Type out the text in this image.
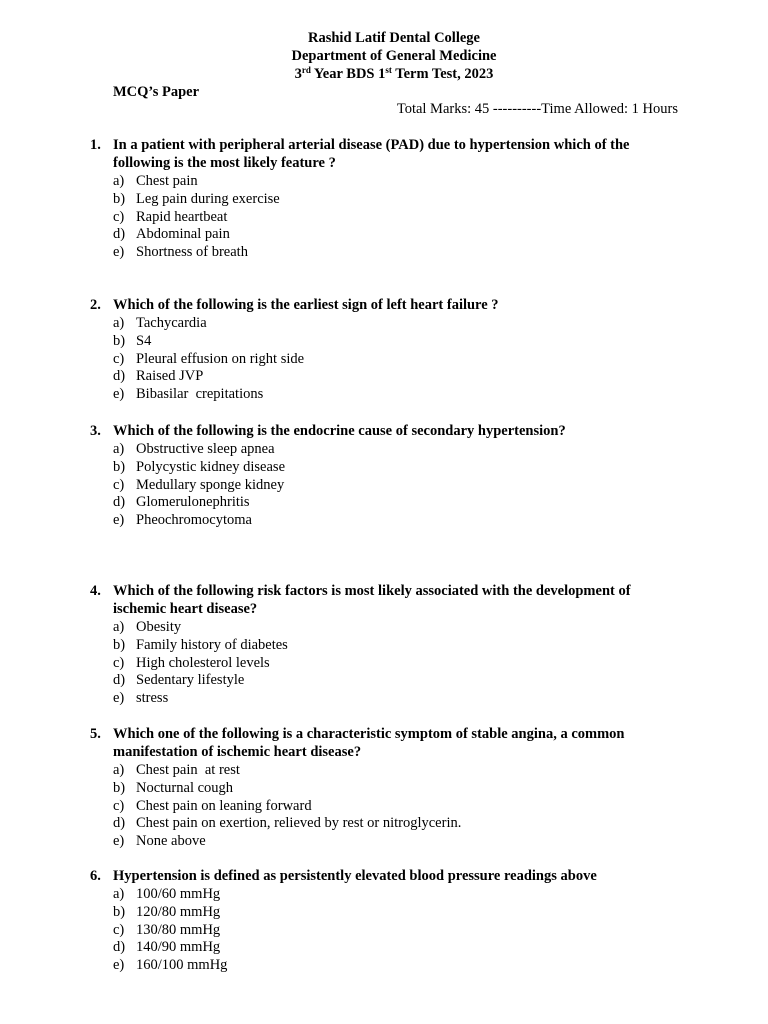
Rashid Latif Dental College
Department of General Medicine
3rd Year BDS 1st Term Test, 2023
MCQ’s Paper
Total Marks: 45 ----------Time Allowed: 1 Hours
1. In a patient with peripheral arterial disease (PAD) due to hypertension which of the following is the most likely feature ?
a) Chest pain
b) Leg pain during exercise
c) Rapid heartbeat
d) Abdominal pain
e) Shortness of breath
2. Which of the following is the earliest sign of left heart failure ?
a) Tachycardia
b) S4
c) Pleural effusion on right side
d) Raised JVP
e) Bibasilar  crepitations
3. Which of the following is the endocrine cause of secondary hypertension?
a) Obstructive sleep apnea
b) Polycystic kidney disease
c) Medullary sponge kidney
d) Glomerulonephritis
e) Pheochromocytoma
4. Which of the following risk factors is most likely associated with the development of ischemic heart disease?
a) Obesity
b) Family history of diabetes
c) High cholesterol levels
d) Sedentary lifestyle
e) stress
5. Which one of the following is a characteristic symptom of stable angina, a common manifestation of ischemic heart disease?
a) Chest pain  at rest
b) Nocturnal cough
c) Chest pain on leaning forward
d) Chest pain on exertion, relieved by rest or nitroglycerin.
e) None above
6. Hypertension is defined as persistently elevated blood pressure readings above
a) 100/60 mmHg
b) 120/80 mmHg
c) 130/80 mmHg
d) 140/90 mmHg
e) 160/100 mmHg
